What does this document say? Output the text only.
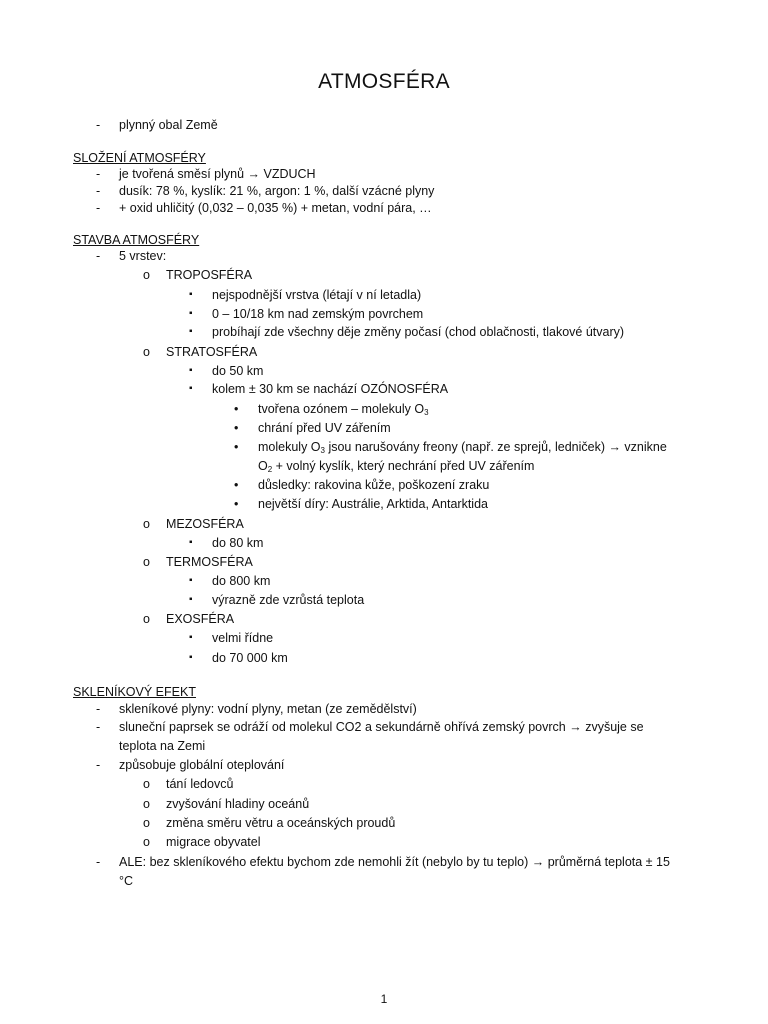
ATMOSFÉRA
- plynný obal Země
SLOŽENÍ ATMOSFÉRY
- je tvořená směsí plynů → VZDUCH
- dusík: 78 %, kyslík: 21 %, argon: 1 %, další vzácné plyny
- + oxid uhličitý (0,032 – 0,035 %) + metan, vodní pára, …
STAVBA ATMOSFÉRY
- 5 vrstev:
o TROPOSFÉRA
▪ nejspodnější vrstva (létají v ní letadla)
▪ 0 – 10/18 km nad zemským povrchem
▪ probíhají zde všechny děje změny počasí (chod oblačnosti, tlakové útvary)
o STRATOSFÉRA
▪ do 50 km
▪ kolem ± 30 km se nachází OZÓNOSFÉRA
• tvořena ozónem – molekuly $O_3$
• chrání před UV zářením
• molekuly $O_3$ jsou narušovány freony (např. ze sprejů, ledniček) → vznikne
$O_2$ + volný kyslík, který nechrání před UV zářením
• důsledky: rakovina kůže, poškození zraku
• největší díry: Austrálie, Arktida, Antarktida
o MEZOSFÉRA
▪ do 80 km
o TERMOSFÉRA
▪ do 800 km
▪ výrazně zde vzrůstá teplota
o EXOSFÉRA
▪ velmi řídne
▪ do 70 000 km
SKLENÍKOVÝ EFEKT
- skleníkové plyny: vodní plyny, metan (ze zemědělství)
- sluneční paprsek se odráží od molekul CO2 a sekundárně ohřívá zemský povrch → zvyšuje se
teplota na Zemi
- způsobuje globální oteplování
o tání ledovců
o zvyšování hladiny oceánů
o změna směru větru a oceánských proudů
o migrace obyvatel
- ALE: bez skleníkového efektu bychom zde nemohli žít (nebylo by tu teplo) → průměrná teplota ± 15
°C
1
